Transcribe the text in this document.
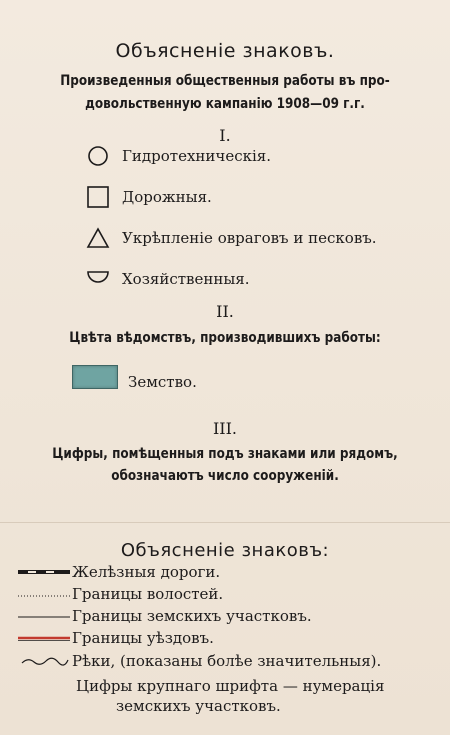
Объясненіе знаковъ.
Произведенныя общественныя работы въ про-
довольственную кампанію 1908—09 г.г.
I.
Гидротехническія.
Дорожныя.
Укрѣпленіе овраговъ и песковъ.
Хозяйственныя.
II.
Цвѣта вѣдомствъ, производившихъ работы:
Земство.
III.
Цифры, помѣщенныя подъ знаками или рядомъ,
обозначаютъ число сооруженій.
Объясненіе знаковъ:
Желѣзныя дороги.
Границы волостей.
Границы земскихъ участковъ.
Границы уѣздовъ.
Рѣки, (показаны болѣе значительныя).
Цифры крупнаго шрифта — нумерація
земскихъ участковъ.
